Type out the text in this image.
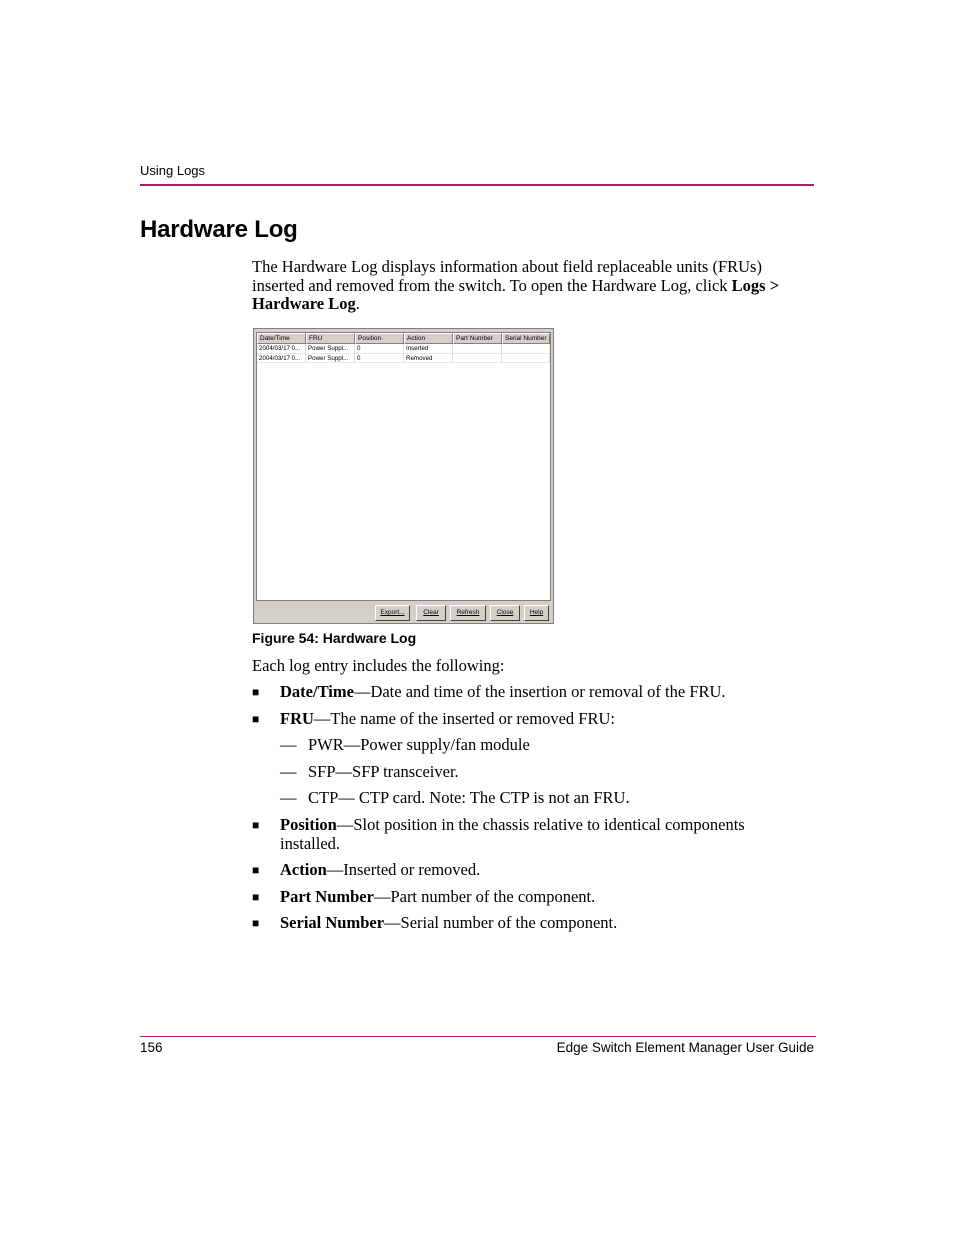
Using Logs
Hardware Log
The Hardware Log displays information about field replaceable units (FRUs) inserted and removed from the switch. To open the Hardware Log, click Logs > Hardware Log.
Date/Time	FRU	Position	Action	Part Number	Serial Number
2004/03/17 0...	Power Suppl...	0	Inserted
2004/03/17 0...	Power Suppl...	0	Removed
Export...	Clear	Refresh	Close	Help
Figure 54: Hardware Log
Each log entry includes the following:
■ Date/Time—Date and time of the insertion or removal of the FRU.
■ FRU—The name of the inserted or removed FRU:
— PWR—Power supply/fan module
— SFP—SFP transceiver.
— CTP— CTP card. Note: The CTP is not an FRU.
■ Position—Slot position in the chassis relative to identical components installed.
■ Action—Inserted or removed.
■ Part Number—Part number of the component.
■ Serial Number—Serial number of the component.
156	Edge Switch Element Manager User Guide
